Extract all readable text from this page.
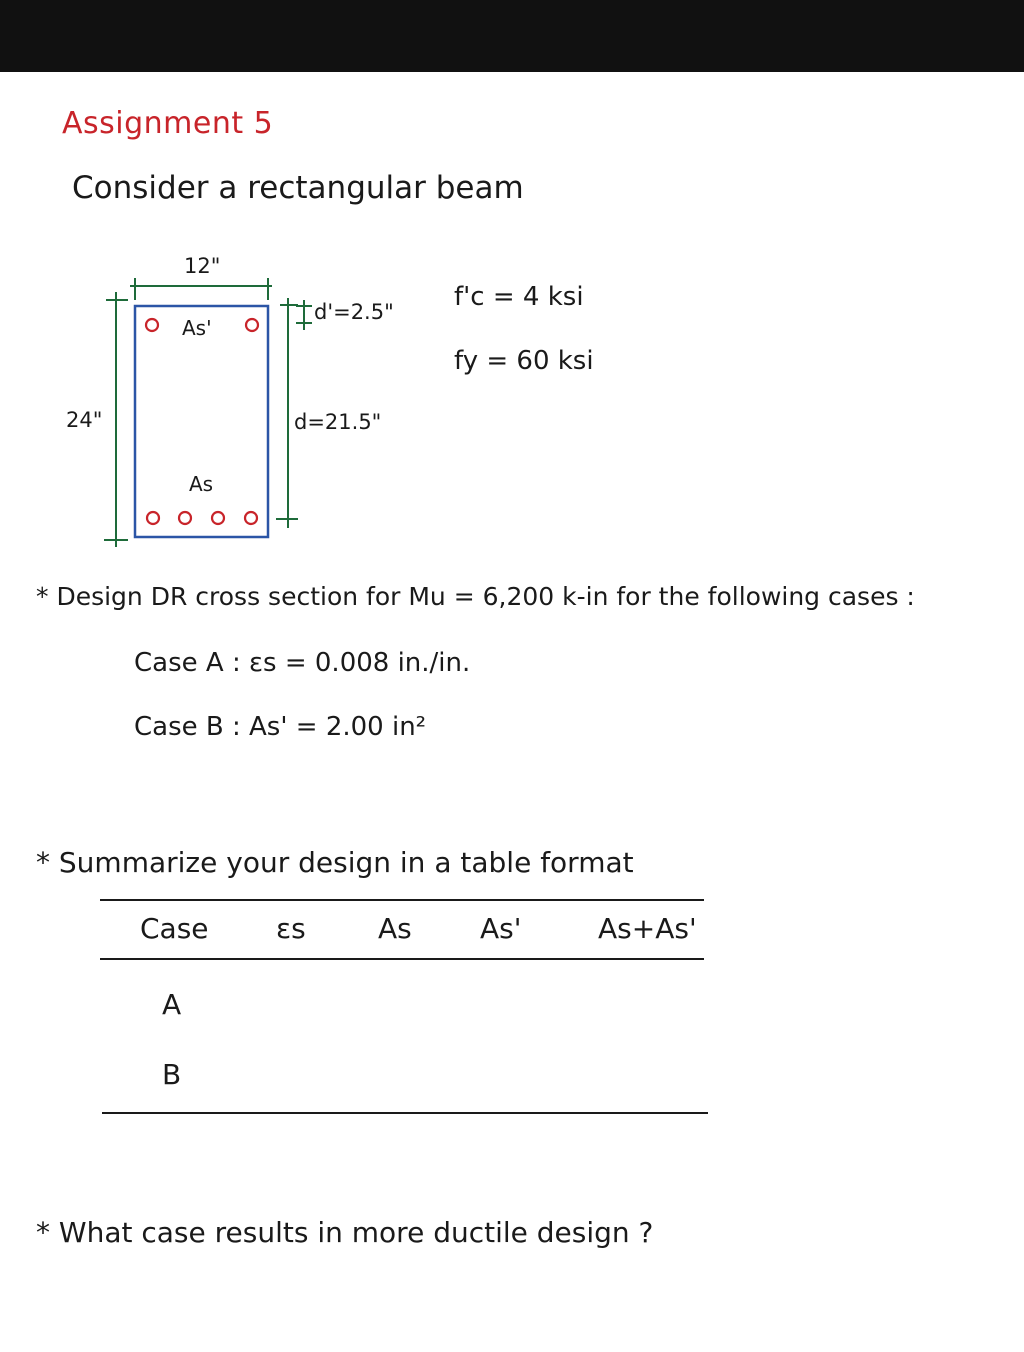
Assignment 5
Consider a rectangular beam
12"
24"
d'=2.5"
d=21.5"
As'
As
f'c = 4 ksi
fy = 60 ksi
* Design DR cross section for Mu = 6,200 k-in for the following cases :
Case A : εs = 0.008 in./in.
Case B : As' = 2.00 in²
* Summarize your design in a table format
Case εs	As As'	As+As'
A
B
* What case results in more ductile design ?
